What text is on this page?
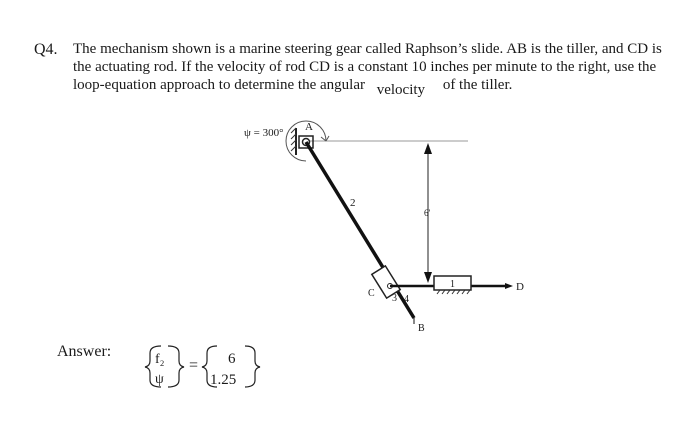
Q4. The mechanism shown is a marine steering gear called Raphson’s slide. AB is the tiller, and CD is
the actuating rod. If the velocity of rod CD is a constant 10 inches per minute to the right, use the
loop-equation approach to determine the angular velocity of the tiller.
ψ = 300° A
2
C 3 4
1	D
B
6'
f₂
ψ
= 6
1.25
Answer:
